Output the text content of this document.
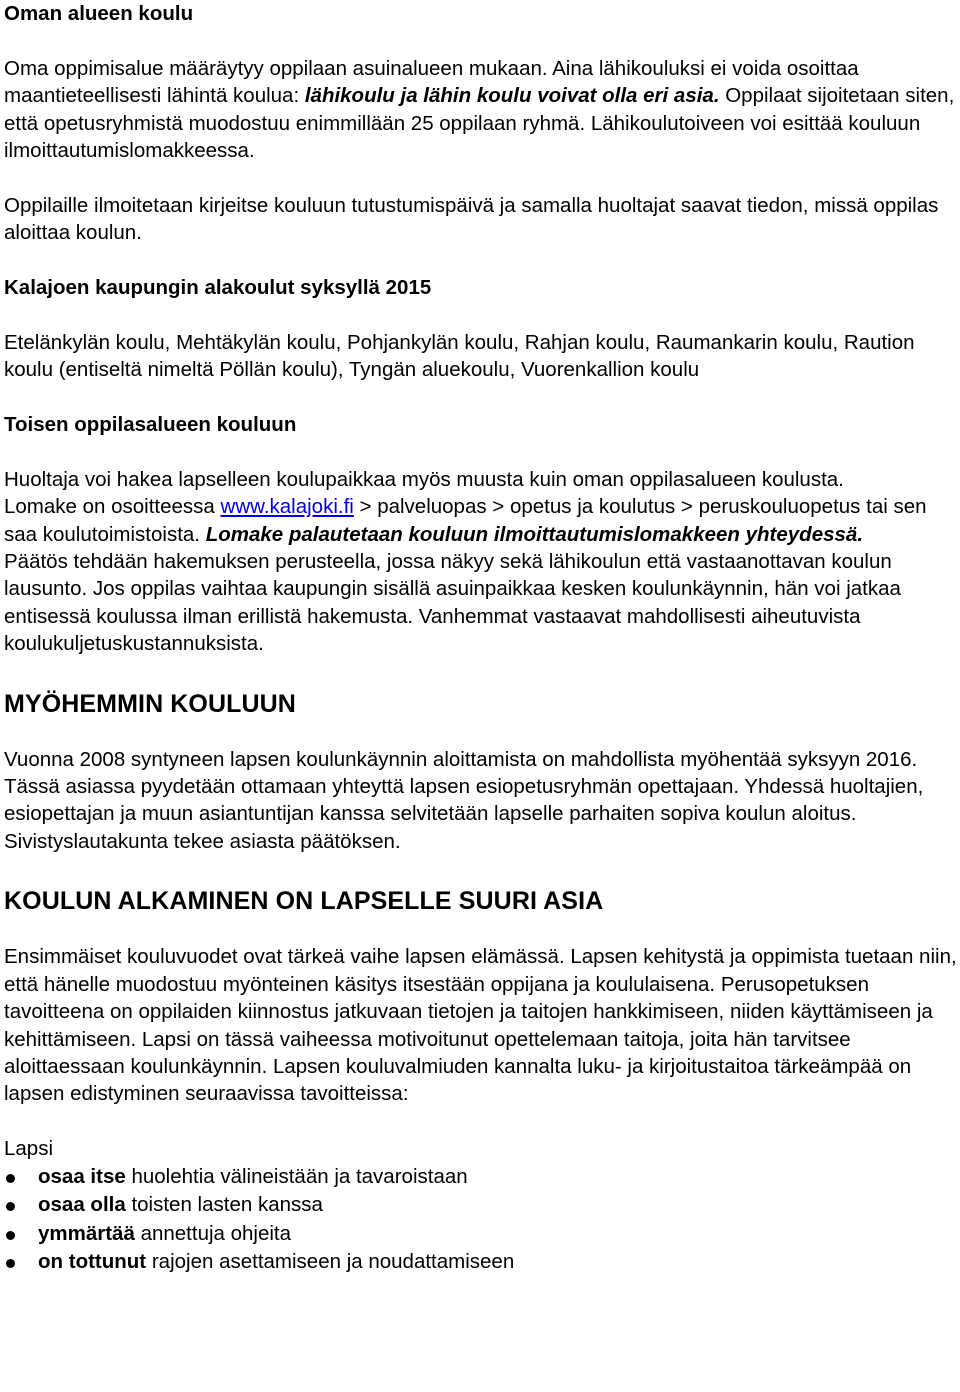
Oman alueen koulu

Oma oppimisalue määräytyy oppilaan asuinalueen mukaan. Aina lähikouluksi ei voida osoittaa maantieteellisesti lähintä koulua: lähikoulu ja lähin koulu voivat olla eri asia. Oppilaat sijoitetaan siten, että opetusryhmistä muodostuu enimmillään 25 oppilaan ryhmä. Lähikoulutoiveen voi esittää kouluun ilmoittautumislomakkeessa.

Oppilaille ilmoitetaan kirjeitse kouluun tutustumispäivä ja samalla huoltajat saavat tiedon, missä oppilas aloittaa koulun.

Kalajoen kaupungin alakoulut syksyllä 2015

Etelänkylän koulu, Mehtäkylän koulu, Pohjankylän koulu, Rahjan koulu, Raumankarin koulu, Raution koulu (entiseltä nimeltä Pöllän koulu), Tyngän aluekoulu, Vuorenkallion koulu

Toisen oppilasalueen kouluun

Huoltaja voi hakea lapselleen koulupaikkaa myös muusta kuin oman oppilasalueen koulusta.

Lomake on osoitteessa www.kalajoki.fi > palveluopas > opetus ja koulutus > peruskouluopetus tai sen saa koulutoimistoista. Lomake palautetaan kouluun ilmoittautumislomakkeen yhteydessä.

Päätös tehdään hakemuksen perusteella, jossa näkyy sekä lähikoulun että vastaanottavan koulun lausunto. Jos oppilas vaihtaa kaupungin sisällä asuinpaikkaa kesken koulunkäynnin, hän voi jatkaa entisessä koulussa ilman erillistä hakemusta. Vanhemmat vastaavat mahdollisesti aiheutuvista koulukuljetuskustannuksista.

MYÖHEMMIN KOULUUN

Vuonna 2008 syntyneen lapsen koulunkäynnin aloittamista on mahdollista myöhentää syksyyn 2016. Tässä asiassa pyydetään ottamaan yhteyttä lapsen esiopetusryhmän opettajaan. Yhdessä huoltajien, esiopettajan ja muun asiantuntijan kanssa selvitetään lapselle parhaiten sopiva koulun aloitus. Sivistyslautakunta tekee asiasta päätöksen.

KOULUN ALKAMINEN ON LAPSELLE SUURI ASIA

Ensimmäiset kouluvuodet ovat tärkeä vaihe lapsen elämässä. Lapsen kehitystä ja oppimista tuetaan niin, että hänelle muodostuu myönteinen käsitys itsestään oppijana ja koululaisena. Perusopetuksen tavoitteena on oppilaiden kiinnostus jatkuvaan tietojen ja taitojen hankkimiseen, niiden käyttämiseen ja kehittämiseen. Lapsi on tässä vaiheessa motivoitunut opettelemaan taitoja, joita hän tarvitsee aloittaessaan koulunkäynnin. Lapsen kouluvalmiuden kannalta luku- ja kirjoitustaitoa tärkeämpää on lapsen edistyminen seuraavissa tavoitteissa:

Lapsi

osaa itse huolehtia välineistään ja tavaroistaan
osaa olla toisten lasten kanssa
ymmärtää annettuja ohjeita
on tottunut rajojen asettamiseen ja noudattamiseen
